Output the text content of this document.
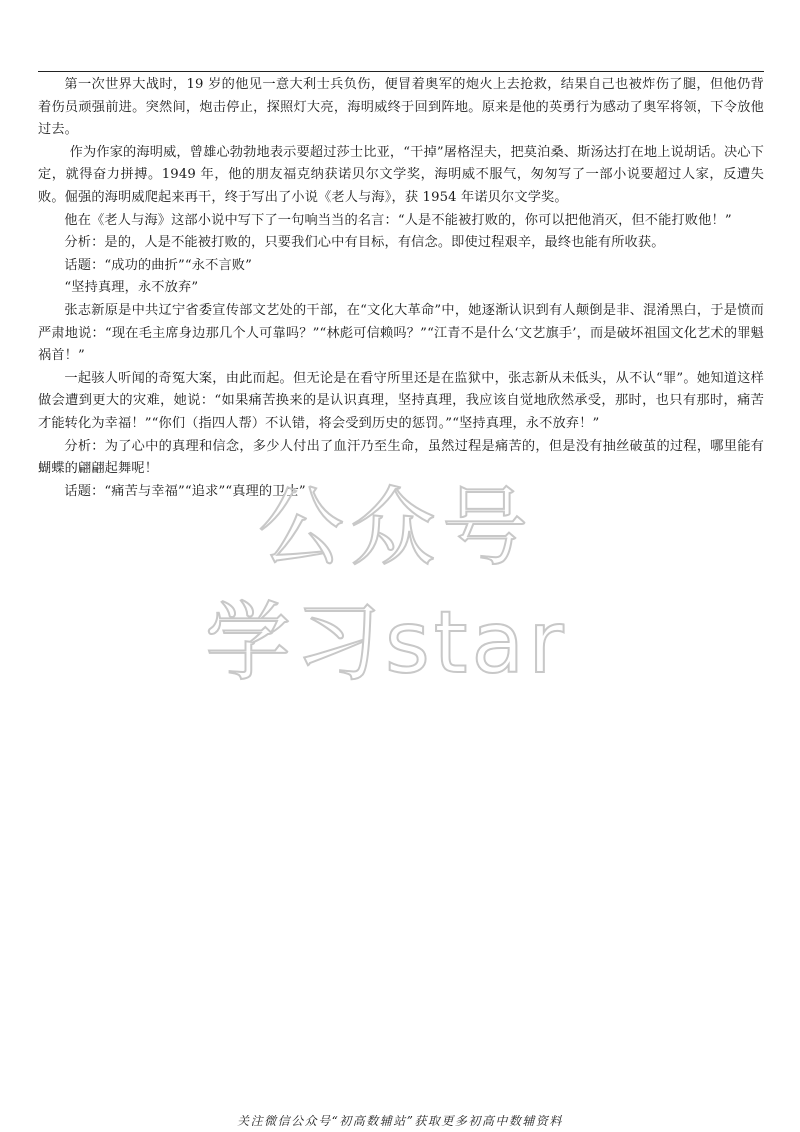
第一次世界大战时，19 岁的他见一意大利士兵负伤，便冒着奥军的炮火上去抢救，结果自己也被炸伤了腿，但他仍背着伤员顽强前进。突然间，炮击停止，探照灯大亮，海明威终于回到阵地。原来是他的英勇行为感动了奥军将领，下令放他过去。

作为作家的海明威，曾雄心勃勃地表示要超过莎士比亚，“干掉”屠格涅夫，把莫泊桑、斯汤达打在地上说胡话。决心下定，就得奋力拼搏。1949 年，他的朋友福克纳获诺贝尔文学奖，海明威不服气，匆匆写了一部小说要超过人家，反遭失败。倔强的海明威爬起来再干，终于写出了小说《老人与海》，获 1954 年诺贝尔文学奖。

他在《老人与海》这部小说中写下了一句响当当的名言：“人是不能被打败的，你可以把他消灭，但不能打败他！”

分析：是的，人是不能被打败的，只要我们心中有目标，有信念。即使过程艰辛，最终也能有所收获。

话题：“成功的曲折”“永不言败”

“坚持真理，永不放弃”

张志新原是中共辽宁省委宣传部文艺处的干部，在“文化大革命”中，她逐渐认识到有人颠倒是非、混淆黑白，于是愤而严肃地说：“现在毛主席身边那几个人可靠吗？”“林彪可信赖吗？”“江青不是什么‘文艺旗手’，而是破坏祖国文化艺术的罪魁祸首！”

一起骇人听闻的奇冤大案，由此而起。但无论是在看守所里还是在监狱中，张志新从未低头，从不认“罪”。她知道这样做会遭到更大的灾难，她说：“如果痛苦换来的是认识真理，坚持真理，我应该自觉地欣然承受，那时，也只有那时，痛苦才能转化为幸福！”“你们（指四人帮）不认错，将会受到历史的惩罚。”“坚持真理，永不放弃！”

分析：为了心中的真理和信念，多少人付出了血汗乃至生命，虽然过程是痛苦的，但是没有抽丝破茧的过程，哪里能有蝴蝶的翩翩起舞呢！

话题：“痛苦与幸福”“追求”“真理的卫士”

公众号
学习star
关注微信公众号“初高数辅站”获取更多初高中数辅资料
